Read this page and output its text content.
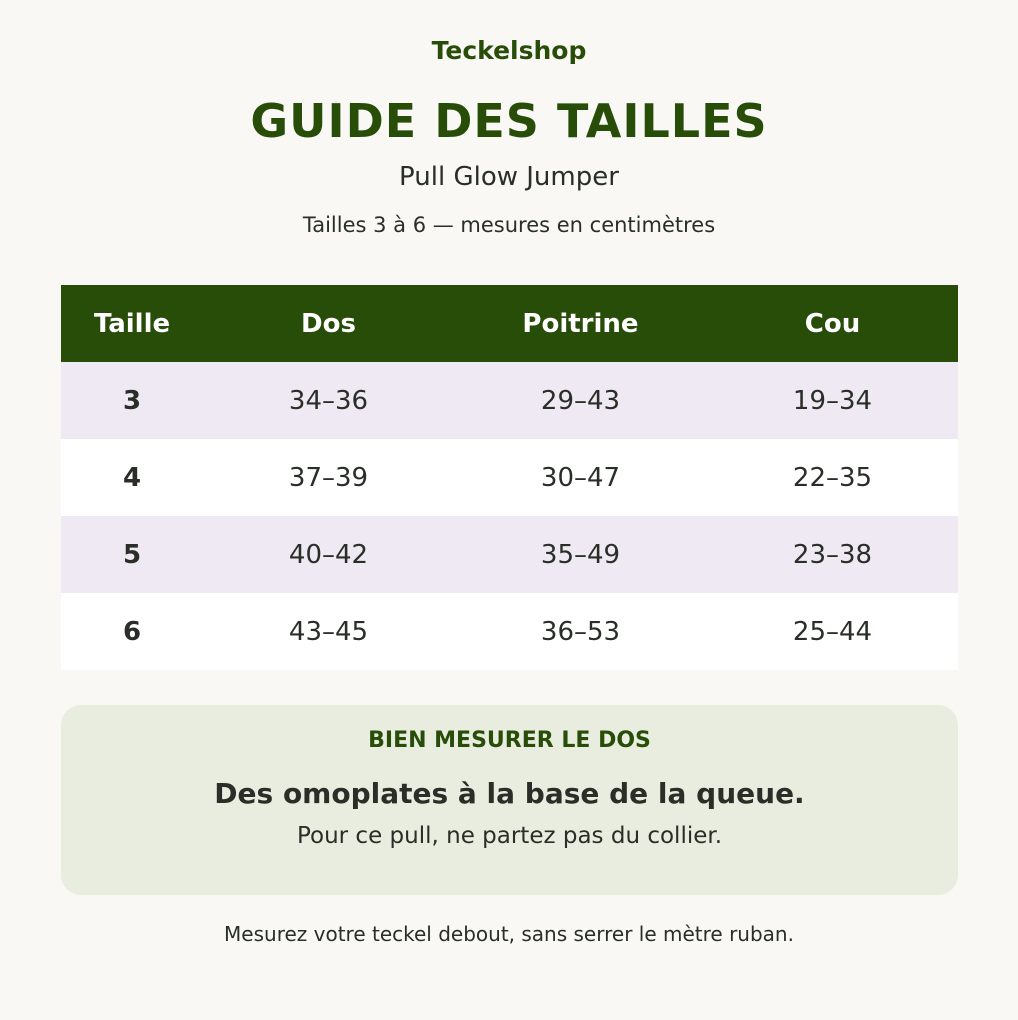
Teckelshop
GUIDE DES TAILLES
Pull Glow Jumper
Tailles 3 à 6 — mesures en centimètres
Taille	Dos	Poitrine	Cou
3	34–36	29–43	19–34
4	37–39	30–47	22–35
5	40–42	35–49	23–38
6	43–45	36–53	25–44
BIEN MESURER LE DOS
Des omoplates à la base de la queue.
Pour ce pull, ne partez pas du collier.
Mesurez votre teckel debout, sans serrer le mètre ruban.
